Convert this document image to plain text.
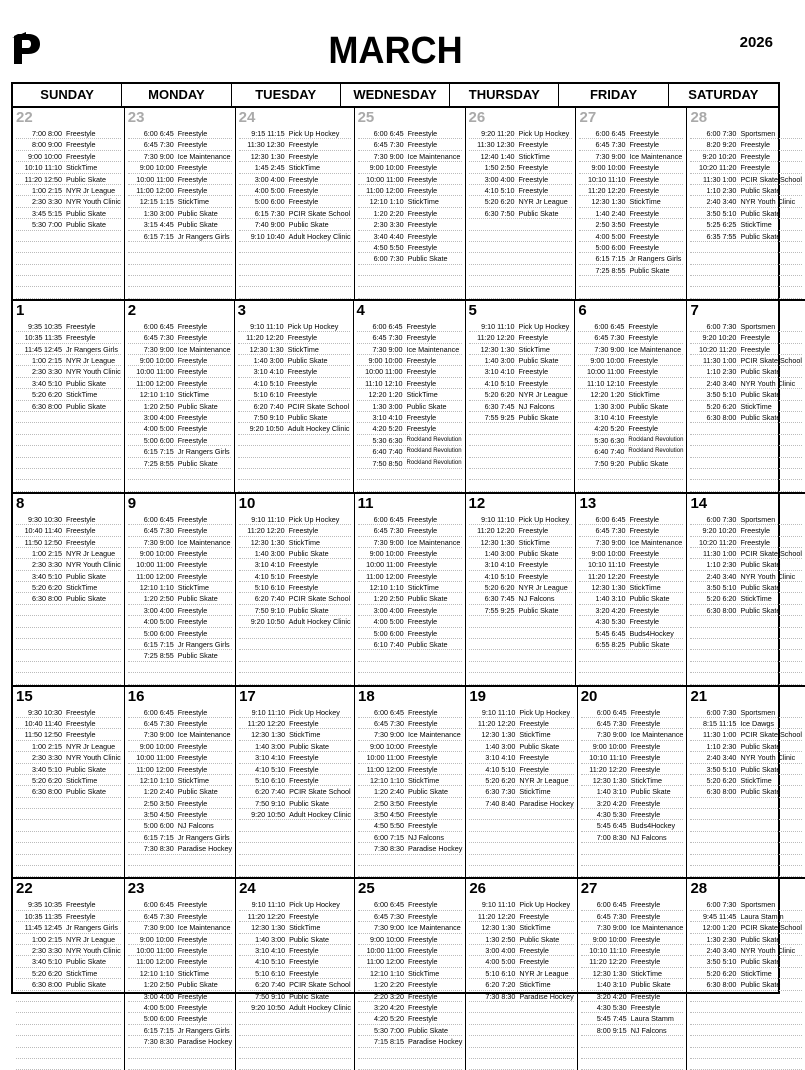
MARCH	2026
SUNDAY	MONDAY	TUESDAY	WEDNESDAY	THURSDAY	FRIDAY	SATURDAY
22
7:00 8:00 Freestyle
8:00 9:00 Freestyle
9:00 10:00 Freestyle
10:10 11:10 StickTime
11:20 12:50 Public Skate
1:00 2:15 NYR Jr League
2:30 3:30 NYR Youth Clinic
3:45 5:15 Public Skate
5:30 7:00 Public Skate
23
6:00 6:45 Freestyle
6:45 7:30 Freestyle
7:30 9:00 Ice Maintenance
9:00 10:00 Freestyle
10:00 11:00 Freestyle
11:00 12:00 Freestyle
12:15 1:15 StickTime
1:30 3:00 Public Skate
3:15 4:45 Public Skate
6:15 7:15 Jr Rangers Girls
24
9:15 11:15 Pick Up Hockey
11:30 12:30 Freestyle
12:30 1:30 Freestyle
1:45 2:45 StickTime
3:00 4:00 Freestyle
4:00 5:00 Freestyle
5:00 6:00 Freestyle
6:15 7:30 PCIR Skate School
7:40 9:00 Public Skate
9:10 10:40 Adult Hockey Clinic
25
6:00 6:45 Freestyle
6:45 7:30 Freestyle
7:30 9:00 Ice Maintenance
9:00 10:00 Freestyle
10:00 11:00 Freestyle
11:00 12:00 Freestyle
12:10 1:10 StickTime
1:20 2:20 Freestyle
2:30 3:30 Freestyle
3:40 4:40 Freestyle
4:50 5:50 Freestyle
6:00 7:30 Public Skate
26
9:20 11:20 Pick Up Hockey
11:30 12:30 Freestyle
12:40 1:40 StickTime
1:50 2:50 Freestyle
3:00 4:00 Freestyle
4:10 5:10 Freestyle
5:20 6:20 NYR Jr League
6:30 7:50 Public Skate
27
6:00 6:45 Freestyle
6:45 7:30 Freestyle
7:30 9:00 Ice Maintenance
9:00 10:00 Freestyle
10:10 11:10 Freestyle
11:20 12:20 Freestyle
12:30 1:30 StickTime
1:40 2:40 Freestyle
2:50 3:50 Freestyle
4:00 5:00 Freestyle
5:00 6:00 Freestyle
6:15 7:15 Jr Rangers Girls
7:25 8:55 Public Skate
28
6:00 7:30 Sportsmen
8:20 9:20 Freestyle
9:20 10:20 Freestyle
10:20 11:20 Freestyle
11:30 1:00 PCIR Skate School
1:10 2:30 Public Skate
2:40 3:40 NYR Youth Clinic
3:50 5:10 Public Skate
5:25 6:25 StickTime
6:35 7:55 Public Skate
1
9:35 10:35 Freestyle
10:35 11:35 Freestyle
11:45 12:45 Jr Rangers Girls
1:00 2:15 NYR Jr League
2:30 3:30 NYR Youth Clinic
3:40 5:10 Public Skate
5:20 6:20 StickTime
6:30 8:00 Public Skate
2
6:00 6:45 Freestyle
6:45 7:30 Freestyle
7:30 9:00 Ice Maintenance
9:00 10:00 Freestyle
10:00 11:00 Freestyle
11:00 12:00 Freestyle
12:10 1:10 StickTime
1:20 2:50 Public Skate
3:00 4:00 Freestyle
4:00 5:00 Freestyle
5:00 6:00 Freestyle
6:15 7:15 Jr Rangers Girls
7:25 8:55 Public Skate
3
9:10 11:10 Pick Up Hockey
11:20 12:20 Freestyle
12:30 1:30 StickTime
1:40 3:00 Public Skate
3:10 4:10 Freestyle
4:10 5:10 Freestyle
5:10 6:10 Freestyle
6:20 7:40 PCIR Skate School
7:50 9:10 Public Skate
9:20 10:50 Adult Hockey Clinic
4
6:00 6:45 Freestyle
6:45 7:30 Freestyle
7:30 9:00 Ice Maintenance
9:00 10:00 Freestyle
10:00 11:00 Freestyle
11:10 12:10 Freestyle
12:20 1:20 StickTime
1:30 3:00 Public Skate
3:10 4:10 Freestyle
4:20 5:20 Freestyle
5:30 6:30 Rockland Revolution
6:40 7:40 Rockland Revolution
7:50 8:50 Rockland Revolution
5
9:10 11:10 Pick Up Hockey
11:20 12:20 Freestyle
12:30 1:30 StickTime
1:40 3:00 Public Skate
3:10 4:10 Freestyle
4:10 5:10 Freestyle
5:20 6:20 NYR Jr League
6:30 7:45 NJ Falcons
7:55 9:25 Public Skate
6
6:00 6:45 Freestyle
6:45 7:30 Freestyle
7:30 9:00 Ice Maintenance
9:00 10:00 Freestyle
10:00 11:00 Freestyle
11:10 12:10 Freestyle
12:20 1:20 StickTime
1:30 3:00 Public Skate
3:10 4:10 Freestyle
4:20 5:20 Freestyle
5:30 6:30 Rockland Revolution
6:40 7:40 Rockland Revolution
7:50 9:20 Public Skate
7
6:00 7:30 Sportsmen
9:20 10:20 Freestyle
10:20 11:20 Freestyle
11:30 1:00 PCIR Skate School
1:10 2:30 Public Skate
2:40 3:40 NYR Youth Clinic
3:50 5:10 Public Skate
5:20 6:20 StickTime
6:30 8:00 Public Skate
8
9:30 10:30 Freestyle
10:40 11:40 Freestyle
11:50 12:50 Freestyle
1:00 2:15 NYR Jr League
2:30 3:30 NYR Youth Clinic
3:40 5:10 Public Skate
5:20 6:20 StickTime
6:30 8:00 Public Skate
9
6:00 6:45 Freestyle
6:45 7:30 Freestyle
7:30 9:00 Ice Maintenance
9:00 10:00 Freestyle
10:00 11:00 Freestyle
11:00 12:00 Freestyle
12:10 1:10 StickTime
1:20 2:50 Public Skate
3:00 4:00 Freestyle
4:00 5:00 Freestyle
5:00 6:00 Freestyle
6:15 7:15 Jr Rangers Girls
7:25 8:55 Public Skate
10
9:10 11:10 Pick Up Hockey
11:20 12:20 Freestyle
12:30 1:30 StickTime
1:40 3:00 Public Skate
3:10 4:10 Freestyle
4:10 5:10 Freestyle
5:10 6:10 Freestyle
6:20 7:40 PCIR Skate School
7:50 9:10 Public Skate
9:20 10:50 Adult Hockey Clinic
11
6:00 6:45 Freestyle
6:45 7:30 Freestyle
7:30 9:00 Ice Maintenance
9:00 10:00 Freestyle
10:00 11:00 Freestyle
11:00 12:00 Freestyle
12:10 1:10 StickTime
1:20 2:50 Public Skate
3:00 4:00 Freestyle
4:00 5:00 Freestyle
5:00 6:00 Freestyle
6:10 7:40 Public Skate
12
9:10 11:10 Pick Up Hockey
11:20 12:20 Freestyle
12:30 1:30 StickTime
1:40 3:00 Public Skate
3:10 4:10 Freestyle
4:10 5:10 Freestyle
5:20 6:20 NYR Jr League
6:30 7:45 NJ Falcons
7:55 9:25 Public Skate
13
6:00 6:45 Freestyle
6:45 7:30 Freestyle
7:30 9:00 Ice Maintenance
9:00 10:00 Freestyle
10:10 11:10 Freestyle
11:20 12:20 Freestyle
12:30 1:30 StickTime
1:40 3:10 Public Skate
3:20 4:20 Freestyle
4:30 5:30 Freestyle
5:45 6:45 Buds4Hockey
6:55 8:25 Public Skate
14
6:00 7:30 Sportsmen
9:20 10:20 Freestyle
10:20 11:20 Freestyle
11:30 1:00 PCIR Skate School
1:10 2:30 Public Skate
2:40 3:40 NYR Youth Clinic
3:50 5:10 Public Skate
5:20 6:20 StickTime
6:30 8:00 Public Skate
15
9:30 10:30 Freestyle
10:40 11:40 Freestyle
11:50 12:50 Freestyle
1:00 2:15 NYR Jr League
2:30 3:30 NYR Youth Clinic
3:40 5:10 Public Skate
5:20 6:20 StickTime
6:30 8:00 Public Skate
16
6:00 6:45 Freestyle
6:45 7:30 Freestyle
7:30 9:00 Ice Maintenance
9:00 10:00 Freestyle
10:00 11:00 Freestyle
11:00 12:00 Freestyle
12:10 1:10 StickTime
1:20 2:40 Public Skate
2:50 3:50 Freestyle
3:50 4:50 Freestyle
5:00 6:00 NJ Falcons
6:15 7:15 Jr Rangers Girls
7:30 8:30 Paradise Hockey
17
9:10 11:10 Pick Up Hockey
11:20 12:20 Freestyle
12:30 1:30 StickTime
1:40 3:00 Public Skate
3:10 4:10 Freestyle
4:10 5:10 Freestyle
5:10 6:10 Freestyle
6:20 7:40 PCIR Skate School
7:50 9:10 Public Skate
9:20 10:50 Adult Hockey Clinic
18
6:00 6:45 Freestyle
6:45 7:30 Freestyle
7:30 9:00 Ice Maintenance
9:00 10:00 Freestyle
10:00 11:00 Freestyle
11:00 12:00 Freestyle
12:10 1:10 StickTime
1:20 2:40 Public Skate
2:50 3:50 Freestyle
3:50 4:50 Freestyle
4:50 5:50 Freestyle
6:00 7:15 NJ Falcons
7:30 8:30 Paradise Hockey
19
9:10 11:10 Pick Up Hockey
11:20 12:20 Freestyle
12:30 1:30 StickTime
1:40 3:00 Public Skate
3:10 4:10 Freestyle
4:10 5:10 Freestyle
5:20 6:20 NYR Jr League
6:30 7:30 StickTime
7:40 8:40 Paradise Hockey
20
6:00 6:45 Freestyle
6:45 7:30 Freestyle
7:30 9:00 Ice Maintenance
9:00 10:00 Freestyle
10:10 11:10 Freestyle
11:20 12:20 Freestyle
12:30 1:30 StickTime
1:40 3:10 Public Skate
3:20 4:20 Freestyle
4:30 5:30 Freestyle
5:45 6:45 Buds4Hockey
7:00 8:30 NJ Falcons
21
6:00 7:30 Sportsmen
8:15 11:15 Ice Dawgs
11:30 1:00 PCIR Skate School
1:10 2:30 Public Skate
2:40 3:40 NYR Youth Clinic
3:50 5:10 Public Skate
5:20 6:20 StickTime
6:30 8:00 Public Skate
22
9:35 10:35 Freestyle
10:35 11:35 Freestyle
11:45 12:45 Jr Rangers Girls
1:00 2:15 NYR Jr League
2:30 3:30 NYR Youth Clinic
3:40 5:10 Public Skate
5:20 6:20 StickTime
6:30 8:00 Public Skate
23
6:00 6:45 Freestyle
6:45 7:30 Freestyle
7:30 9:00 Ice Maintenance
9:00 10:00 Freestyle
10:00 11:00 Freestyle
11:00 12:00 Freestyle
12:10 1:10 StickTime
1:20 2:50 Public Skate
3:00 4:00 Freestyle
4:00 5:00 Freestyle
5:00 6:00 Freestyle
6:15 7:15 Jr Rangers Girls
7:30 8:30 Paradise Hockey
24
9:10 11:10 Pick Up Hockey
11:20 12:20 Freestyle
12:30 1:30 StickTime
1:40 3:00 Public Skate
3:10 4:10 Freestyle
4:10 5:10 Freestyle
5:10 6:10 Freestyle
6:20 7:40 PCIR Skate School
7:50 9:10 Public Skate
9:20 10:50 Adult Hockey Clinic
25
6:00 6:45 Freestyle
6:45 7:30 Freestyle
7:30 9:00 Ice Maintenance
9:00 10:00 Freestyle
10:00 11:00 Freestyle
11:00 12:00 Freestyle
12:10 1:10 StickTime
1:20 2:20 Freestyle
2:20 3:20 Freestyle
3:20 4:20 Freestyle
4:20 5:20 Freestyle
5:30 7:00 Public Skate
7:15 8:15 Paradise Hockey
26
9:10 11:10 Pick Up Hockey
11:20 12:20 Freestyle
12:30 1:30 StickTime
1:30 2:50 Public Skate
3:00 4:00 Freestyle
4:00 5:00 Freestyle
5:10 6:10 NYR Jr League
6:20 7:20 StickTime
7:30 8:30 Paradise Hockey
27
6:00 6:45 Freestyle
6:45 7:30 Freestyle
7:30 9:00 Ice Maintenance
9:00 10:00 Freestyle
10:10 11:10 Freestyle
11:20 12:20 Freestyle
12:30 1:30 StickTime
1:40 3:10 Public Skate
3:20 4:20 Freestyle
4:30 5:30 Freestyle
5:45 7:45 Laura Stamm
8:00 9:15 NJ Falcons
28
6:00 7:30 Sportsmen
9:45 11:45 Laura Stamm
12:00 1:20 PCIR Skate School
1:30 2:30 Public Skate
2:40 3:40 NYR Youth Clinic
3:50 5:10 Public Skate
5:20 6:20 StickTime
6:30 8:00 Public Skate
